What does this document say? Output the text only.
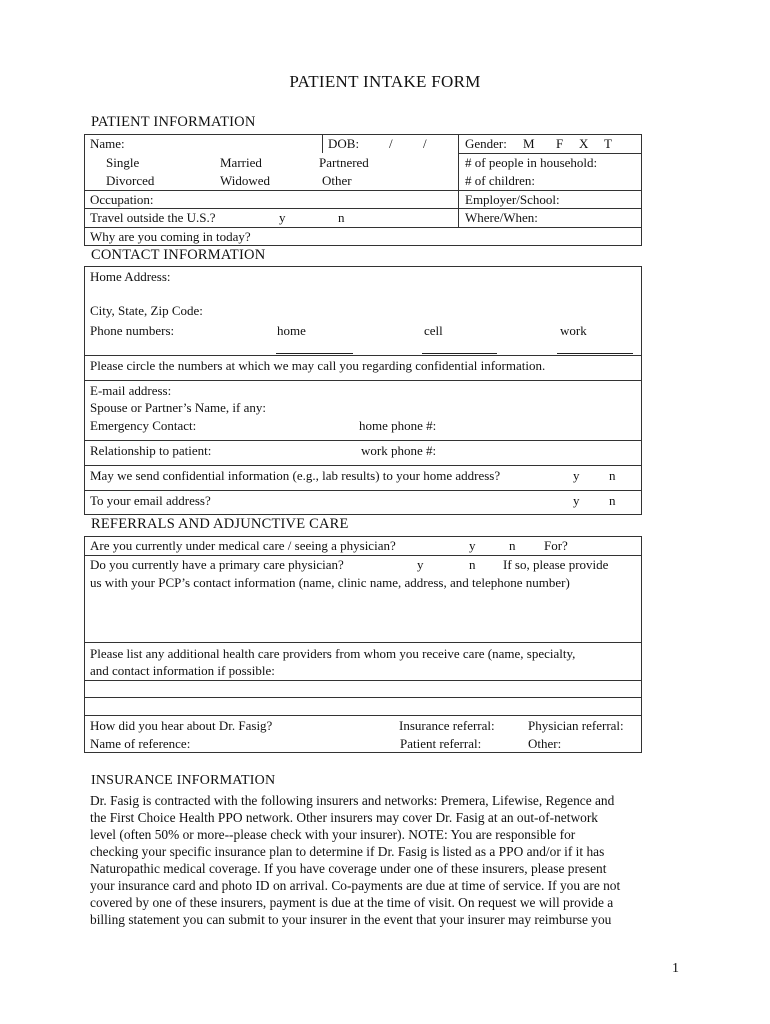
PATIENT INTAKE FORM
PATIENT INFORMATION
Name:	DOB: / /	Gender: M F X T
Single	Married	Partnered	# of people in household:
Divorced	Widowed	Other	# of children:
Occupation:	Employer/School:
Travel outside the U.S.?	y	n	Where/When:
Why are you coming in today?
CONTACT INFORMATION
Home Address:
City, State, Zip Code:
Phone numbers:	home	cell	work
Please circle the numbers at which we may call you regarding confidential information.
E-mail address:
Spouse or Partner’s Name, if any:
Emergency Contact:	home phone #:
Relationship to patient:	work phone #:
May we send confidential information (e.g., lab results) to your home address?	y n
To your email address?	y n
REFERRALS AND ADJUNCTIVE CARE
Are you currently under medical care / seeing a physician?	y	n For?
Do you currently have a primary care physician?	y	n If so, please provide
us with your PCP’s contact information (name, clinic name, address, and telephone number)
Please list any additional health care providers from whom you receive care (name, specialty,
and contact information if possible:
How did you hear about Dr. Fasig?	Insurance referral:	Physician referral:
Name of reference:	Patient referral:	Other:
INSURANCE INFORMATION
Dr. Fasig is contracted with the following insurers and networks: Premera, Lifewise, Regence and
the First Choice Health PPO network. Other insurers may cover Dr. Fasig at an out-of-network
level (often 50% or more--please check with your insurer). NOTE: You are responsible for
checking your specific insurance plan to determine if Dr. Fasig is listed as a PPO and/or if it has
Naturopathic medical coverage. If you have coverage under one of these insurers, please present
your insurance card and photo ID on arrival. Co-payments are due at time of service. If you are not
covered by one of these insurers, payment is due at the time of visit. On request we will provide a
billing statement you can submit to your insurer in the event that your insurer may reimburse you
1
